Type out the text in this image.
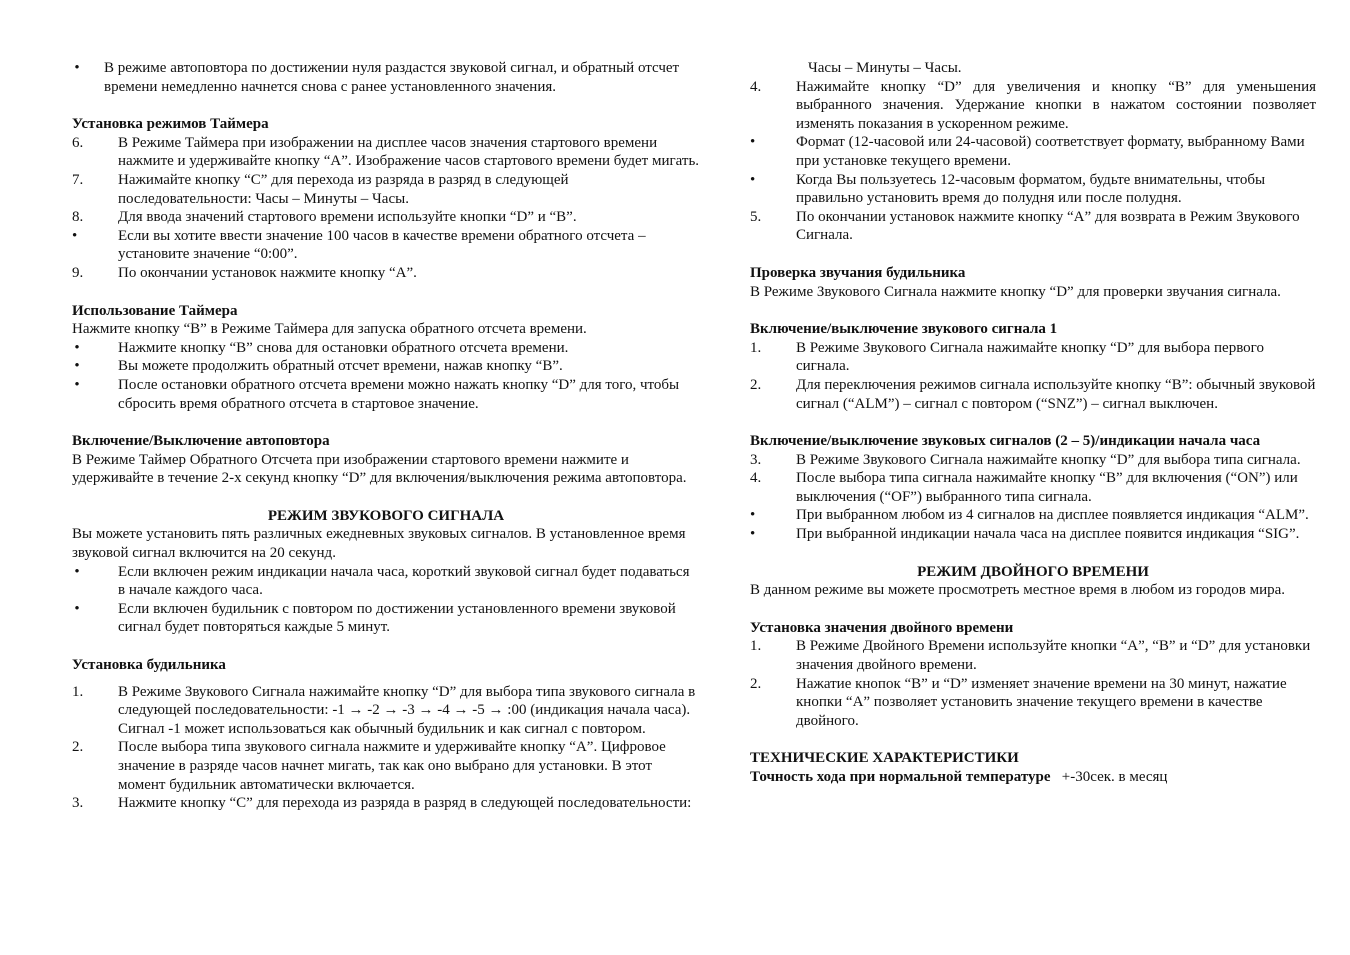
•
В режиме автоповтора по достижении нуля раздастся звуковой сигнал, и обратный отсчет времени немедленно начнется снова с ранее установленного значения.
Установка режимов Таймера
6. В Режиме Таймера при изображении на дисплее часов значения стартового времени нажмите и удерживайте кнопку “A”. Изображение часов стартового времени будет мигать.
7. Нажимайте кнопку “C” для перехода из разряда в разряд в следующей последовательности: Часы – Минуты – Часы.
8. Для ввода значений стартового времени используйте кнопки “D” и “B”.
•	Если вы хотите ввести значение 100 часов в качестве времени обратного отсчета – установите значение “0:00”.
9. По окончании установок нажмите кнопку “A”.
Использование Таймера
Нажмите кнопку “B” в Режиме Таймера для запуска обратного отсчета времени.
•
Нажмите кнопку “B” снова для остановки обратного отсчета времени.
•
Вы можете продолжить обратный отсчет времени, нажав кнопку “B”.
•
После остановки обратного отсчета времени можно нажать кнопку “D” для того, чтобы сбросить время обратного отсчета в стартовое значение.
Включение/Выключение автоповтора
В Режиме Таймер Обратного Отсчета при изображении стартового времени нажмите и удерживайте в течение 2-х секунд кнопку “D” для включения/выключения режима автоповтора.
РЕЖИМ ЗВУКОВОГО СИГНАЛА
Вы можете установить пять различных ежедневных звуковых сигналов. В установленное время звуковой сигнал включится на 20 секунд.
•
Если включен режим индикации начала часа, короткий звуковой сигнал будет подаваться в начале каждого часа.
•
Если включен будильник с повтором по достижении установленного времени звуковой сигнал будет повторяться каждые 5 минут.
Установка будильника
1. В Режиме Звукового Сигнала нажимайте кнопку “D” для выбора типа звукового сигнала в следующей последовательности: -1 → -2 → -3 → -4 → -5 → :00 (индикация начала часа).
Сигнал -1 может использоваться как обычный будильник и как сигнал с повтором.
2. После выбора типа звукового сигнала нажмите и удерживайте кнопку “A”. Цифровое значение в разряде часов начнет мигать, так как оно выбрано для установки. В этот момент будильник автоматически включается.
3. Нажмите кнопку “C” для перехода из разряда в разряд в следующей последовательности:
Часы – Минуты – Часы.
4. Нажимайте кнопку “D” для увеличения и кнопку “B” для уменьшения выбранного значения. Удержание кнопки в нажатом состоянии позволяет изменять показания в ускоренном режиме.
•	Формат (12-часовой или 24-часовой) соответствует формату, выбранному Вами при установке текущего времени.
•	Когда Вы пользуетесь 12-часовым форматом, будьте внимательны, чтобы правильно установить время до полудня или после полудня.
5. По окончании установок нажмите кнопку “A” для возврата в Режим Звукового Сигнала.
Проверка звучания будильника
В Режиме Звукового Сигнала нажмите кнопку “D” для проверки звучания сигнала.
Включение/выключение звукового сигнала 1
1. В Режиме Звукового Сигнала нажимайте кнопку “D” для выбора первого сигнала.
2. Для переключения режимов сигнала используйте кнопку “B”: обычный звуковой сигнал (“ALM”) – сигнал с повтором (“SNZ”) – сигнал выключен.
Включение/выключение звуковых сигналов (2 – 5)/индикации начала часа
3. В Режиме Звукового Сигнала нажимайте кнопку “D” для выбора типа сигнала.
4. После выбора типа сигнала нажимайте кнопку “B” для включения (“ON”) или выключения (“OF”) выбранного типа сигнала.
•	При выбранном любом из 4 сигналов на дисплее появляется индикация “ALM”.
•	При выбранной индикации начала часа на дисплее появится индикация “SIG”.
РЕЖИМ ДВОЙНОГО ВРЕМЕНИ
В данном режиме вы можете просмотреть местное время в любом из городов мира.
Установка значения двойного времени
1. В Режиме Двойного Времени используйте кнопки “A”, “B” и “D” для установки значения двойного времени.
2. Нажатие кнопок “B” и “D” изменяет значение времени на 30 минут, нажатие кнопки “A” позволяет установить значение текущего времени в качестве двойного.
ТЕХНИЧЕСКИЕ ХАРАКТЕРИСТИКИ
Точность хода при нормальной температуре +-30сек. в месяц
